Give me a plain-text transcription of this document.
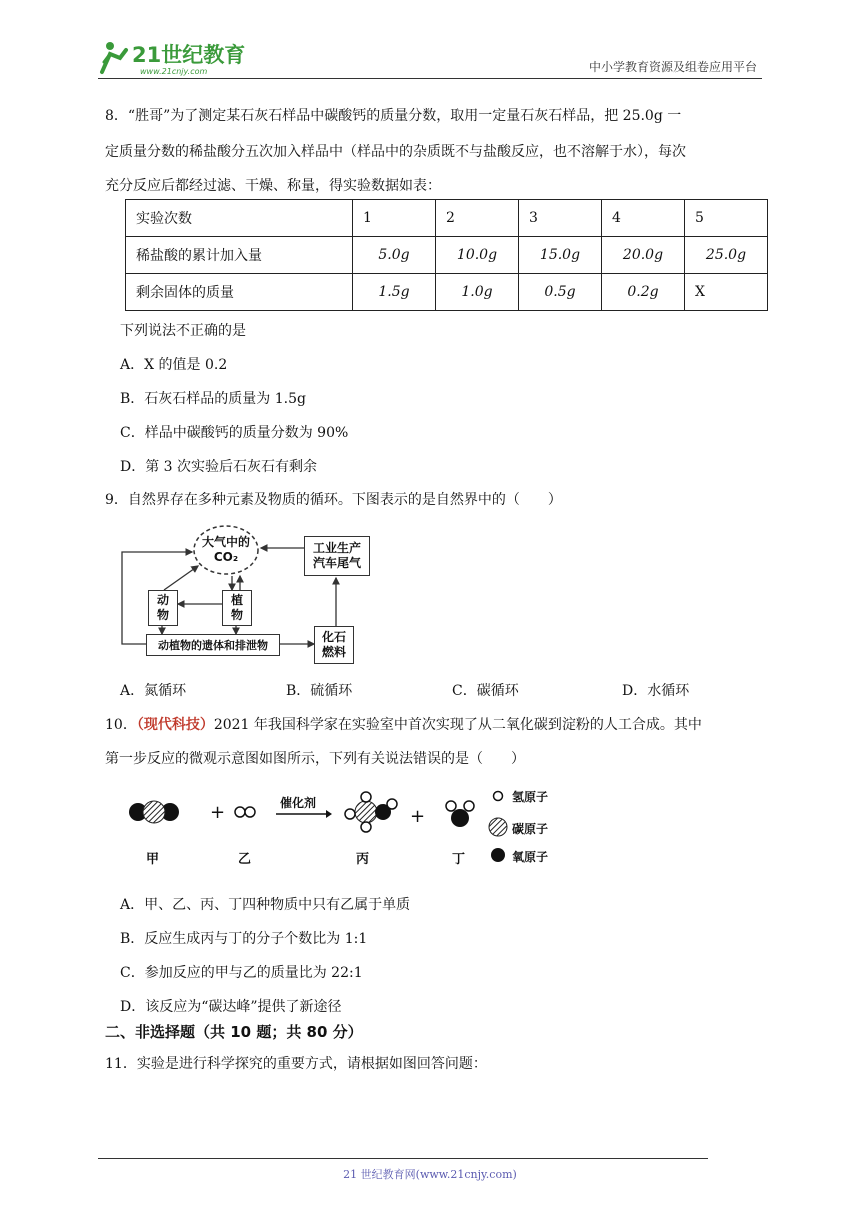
21世纪教育
www.21cnjy.com	中小学教育资源及组卷应用平台
8．“胜哥”为了测定某石灰石样品中碳酸钙的质量分数，取用一定量石灰石样品，把 25.0g 一
定质量分数的稀盐酸分五次加入样品中（样品中的杂质既不与盐酸反应，也不溶解于水），每次
充分反应后都经过滤、干燥、称量，得实验数据如表：
实验次数	1	2	3	4	5
稀盐酸的累计加入量	5.0g	10.0g	15.0g	20.0g	25.0g
剩余固体的质量	1.5g	1.0g	0.5g	0.2g	X
下列说法不正确的是
A．X 的值是 0.2
B．石灰石样品的质量为 1.5g
C．样品中碳酸钙的质量分数为 90%
D．第 3 次实验后石灰石有剩余
9．自然界存在多种元素及物质的循环。下图表示的是自然界中的（　　）
大气中的
CO₂
工业生产
汽车尾气
动
物
植
物
动植物的遗体和排泄物
化石
燃料
A．氮循环	B．硫循环	C．碳循环	D．水循环
10．（现代科技）2021 年我国科学家在实验室中首次实现了从二氧化碳到淀粉的人工合成。其中
第一步反应的微观示意图如图所示，下列有关说法错误的是（　　）
+	+
催化剂
甲	乙	丙	丁
氢原子
碳原子
氧原子
A．甲、乙、丙、丁四种物质中只有乙属于单质
B．反应生成丙与丁的分子个数比为 1:1
C．参加反应的甲与乙的质量比为 22:1
D．该反应为“碳达峰”提供了新途径
二、非选择题（共 10 题；共 80 分）
11．实验是进行科学探究的重要方式，请根据如图回答问题：
21 世纪教育网(www.21cnjy.com)
